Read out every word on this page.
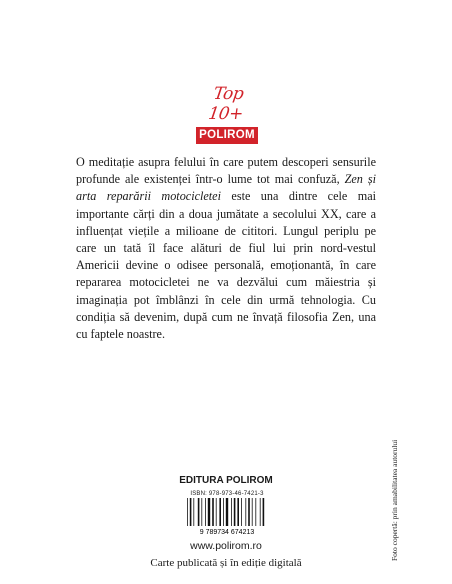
Top 10+
POLIROM

O meditație asupra felului în care putem descoperi sensurile profunde ale existenței într-o lume tot mai confuză, Zen și arta reparării motocicletei este una dintre cele mai importante cărți din a doua jumătate a secolului XX, care a influențat viețile a milioane de cititori. Lungul periplu pe care un tată îl face alături de fiul lui prin nord-vestul Americii devine o odisee personală, emoționantă, în care repararea motocicletei ne va dezvălui cum măiestria și imaginația pot îmblânzi în cele din urmă tehnologia. Cu condiția să devenim, după cum ne învață filosofia Zen, una cu faptele noastre.

EDITURA POLIROM
ISBN: 978-973-46-7421-3
9 789734 674213
www.polirom.ro
Carte publicată și în ediție digitală
Foto copertă: prin amabilitatea autorului
